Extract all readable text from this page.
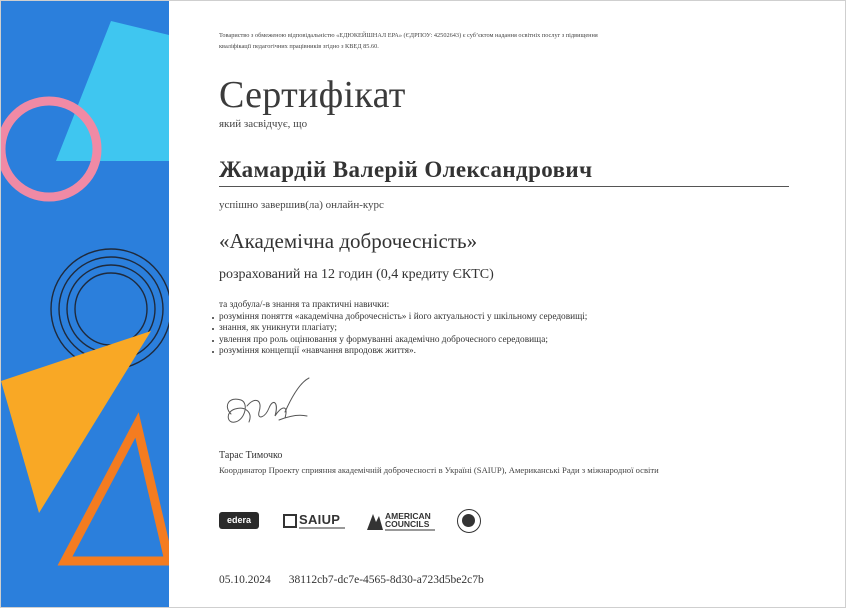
Товариство з обмеженою відповідальністю «ЕДЮКЕЙШНАЛ ЕРА» (ЄДРПОУ: 42502643) є суб’єктом надання освітніх послуг з підвищення кваліфікації педагогічних працівників згідно з КВЕД 85.60.
Сертифікат
який засвідчує, що
Жамардій Валерій Олександрович
успішно завершив(ла) онлайн-курс
«Академічна доброчесність»
розрахований на 12 годин (0,4 кредиту ЄКТС)
та здобула/-в знання та практичні навички:
розуміння поняття «академічна доброчесність» і його актуальності у шкільному середовищі;
знання, як уникнути плагіату;
увлення про роль оцінювання у формуванні академічно доброчесного середовища;
розуміння концепції «навчання впродовж життя».
Тарас Тимочко
Координатор Проекту сприяння академічній доброчесності в Україні (SAIUP), Американські Ради з міжнародної освіти
edera	SAIUP	AMERICAN
COUNCILS
05.10.2024 38112cb7-dc7e-4565-8d30-a723d5be2c7b
